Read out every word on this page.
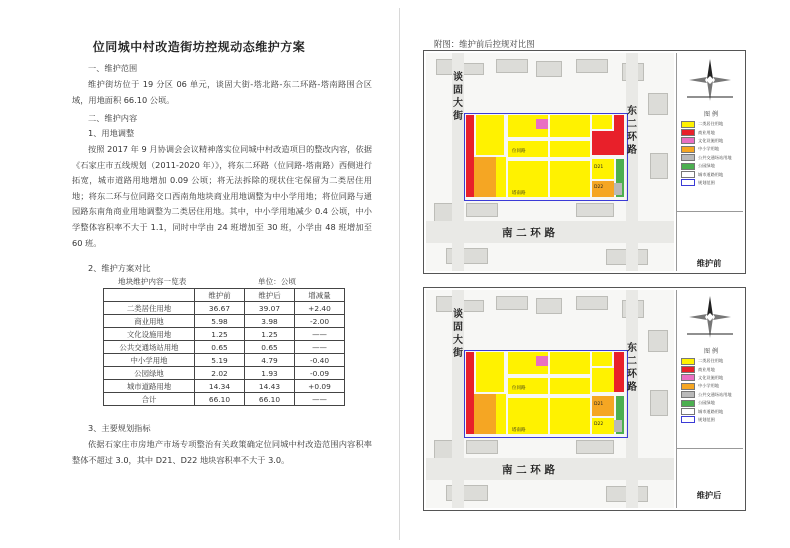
位同城中村改造街坊控规动态维护方案
一、维护范围
维护街坊位于 19 分区 06 单元，谈固大街-塔北路-东二环路-塔南路围合区域，用地面积 66.10 公顷。
二、维护内容
1、用地调整
按照 2017 年 9 月协调会会议精神落实位同城中村改造项目的整改内容，依据《石家庄市五线规划（2011-2020 年）》，将东二环路（位同路-塔南路）西侧进行拓宽，城市道路用地增加 0.09 公顷；将无法拆除的现状住宅保留为二类居住用地；将东二环与位同路交口西南角地块商业用地调整为中小学用地；将位同路与通园路东南角商业用地调整为二类居住用地。其中，中小学用地减少 0.4 公顷，中小学整体容积率不大于 1.1，同时中学由 24 班增加至 30 班，小学由 48 班增加至 60 班。
2、维护方案对比
地块维护内容一览表	单位：公顷
	维护前	维护后	增减量
二类居住用地	36.67	39.07	+2.40
商业用地	5.98	3.98	-2.00
文化设施用地	1.25	1.25	——
公共交通场站用地	0.65	0.65	——
中小学用地	5.19	4.79	-0.40
公园绿地	2.02	1.93	-0.09
城市道路用地	14.34	14.43	+0.09
合计	66.10	66.10	——
3、主要规划指标
依据石家庄市房地产市场专项整治有关政策确定位同城中村改造范围内容积率整体不超过 3.0，其中 D21、D22 地块容积率不大于 3.0。
附图：维护前后控规对比图
位同路
塔南路
D21
D22
谈
固
大
街	东
二
环
路
南 二 环 路
图 例
二类居住用地
商业用地
文化设施用地
中小学用地
公共交通场站用地
公园绿地
城市道路用地
规划范围
维护前
位同路
塔南路
D21
D22
谈
固
大
街	东
二
环
路
南 二 环 路
图 例
二类居住用地
商业用地
文化设施用地
中小学用地
公共交通场站用地
公园绿地
城市道路用地
规划范围
维护后
